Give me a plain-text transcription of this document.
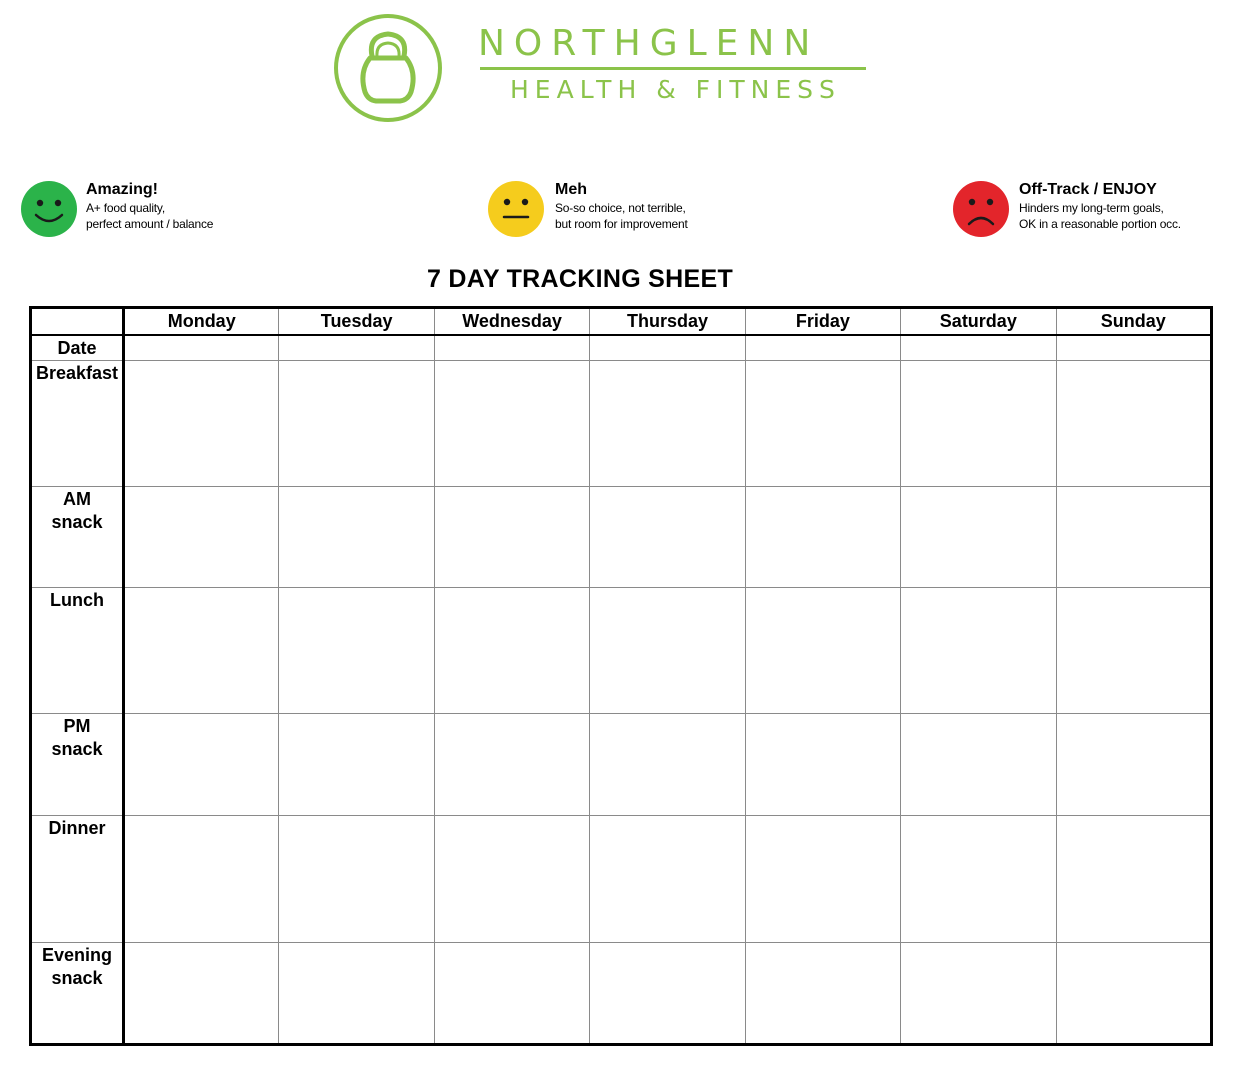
NORTHGLENN
HEALTH & FITNESS
Amazing!
A+ food quality,
perfect amount / balance
Meh
So-so choice, not terrible,
but room for improvement
Off-Track / ENJOY
Hinders my long-term goals,
OK in a reasonable portion occ.
7 DAY TRACKING SHEET
	Monday	Tuesday	Wednesday	Thursday	Friday	Saturday	Sunday

Date							

Breakfast							

AM
snack							

Lunch							

PM
snack							

Dinner							

Evening
snack							
